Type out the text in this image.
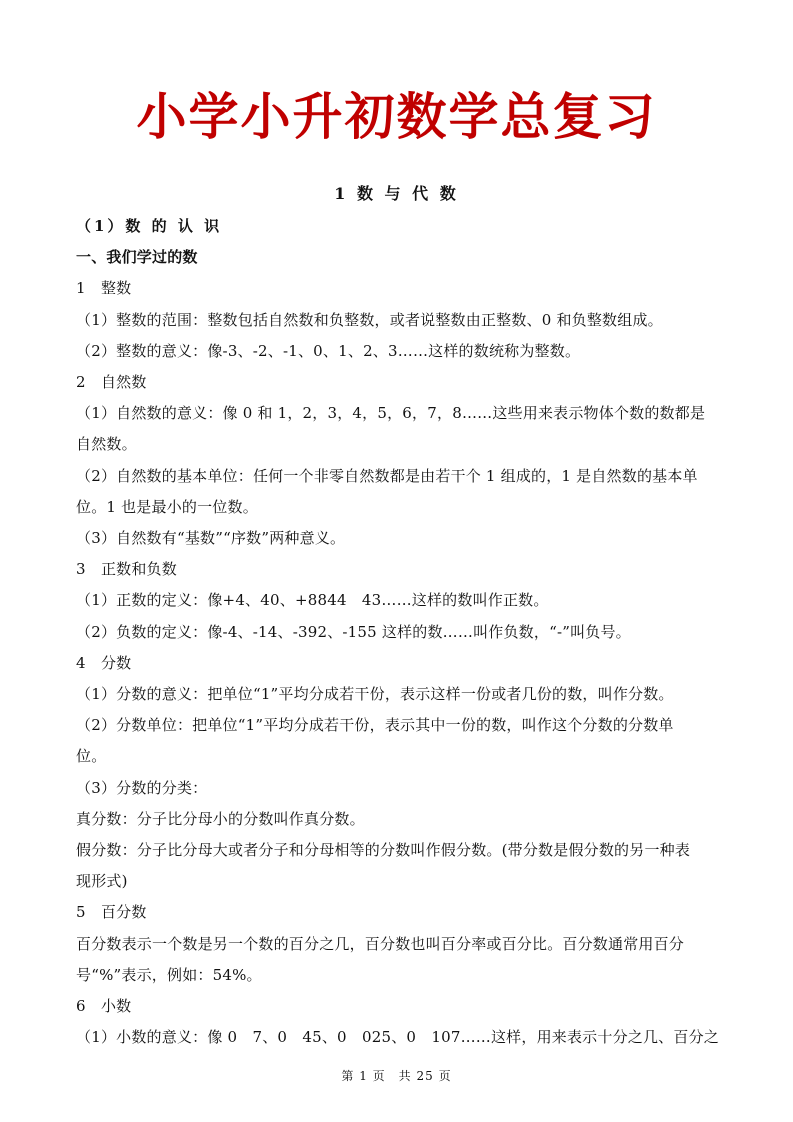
小学小升初数学总复习
1 数 与 代 数
（1）数 的 认 识
一、我们学过的数
1　整数
（1）整数的范围：整数包括自然数和负整数，或者说整数由正整数、0 和负整数组成。
（2）整数的意义：像-3、-2、-1、0、1、2、3……这样的数统称为整数。
2　自然数
（1）自然数的意义：像 0 和 1，2，3，4，5，6，7，8……这些用来表示物体个数的数都是
自然数。
（2）自然数的基本单位：任何一个非零自然数都是由若干个 1 组成的，1 是自然数的基本单
位。1 也是最小的一位数。
（3）自然数有“基数”“序数”两种意义。
3　正数和负数
（1）正数的定义：像+4、40、+8844　43……这样的数叫作正数。
（2）负数的定义：像-4、-14、-392、-155 这样的数……叫作负数，“-”叫负号。
4　分数
（1）分数的意义：把单位“1”平均分成若干份，表示这样一份或者几份的数，叫作分数。
（2）分数单位：把单位“1”平均分成若干份，表示其中一份的数，叫作这个分数的分数单
位。
（3）分数的分类：
真分数：分子比分母小的分数叫作真分数。
假分数：分子比分母大或者分子和分母相等的分数叫作假分数。(带分数是假分数的另一种表
现形式)
5　百分数
百分数表示一个数是另一个数的百分之几，百分数也叫百分率或百分比。百分数通常用百分
号“%”表示，例如：54%。
6　小数
（1）小数的意义：像 0　7、0　45、0　025、0　107……这样，用来表示十分之几、百分之
第 1 页　共 25 页
